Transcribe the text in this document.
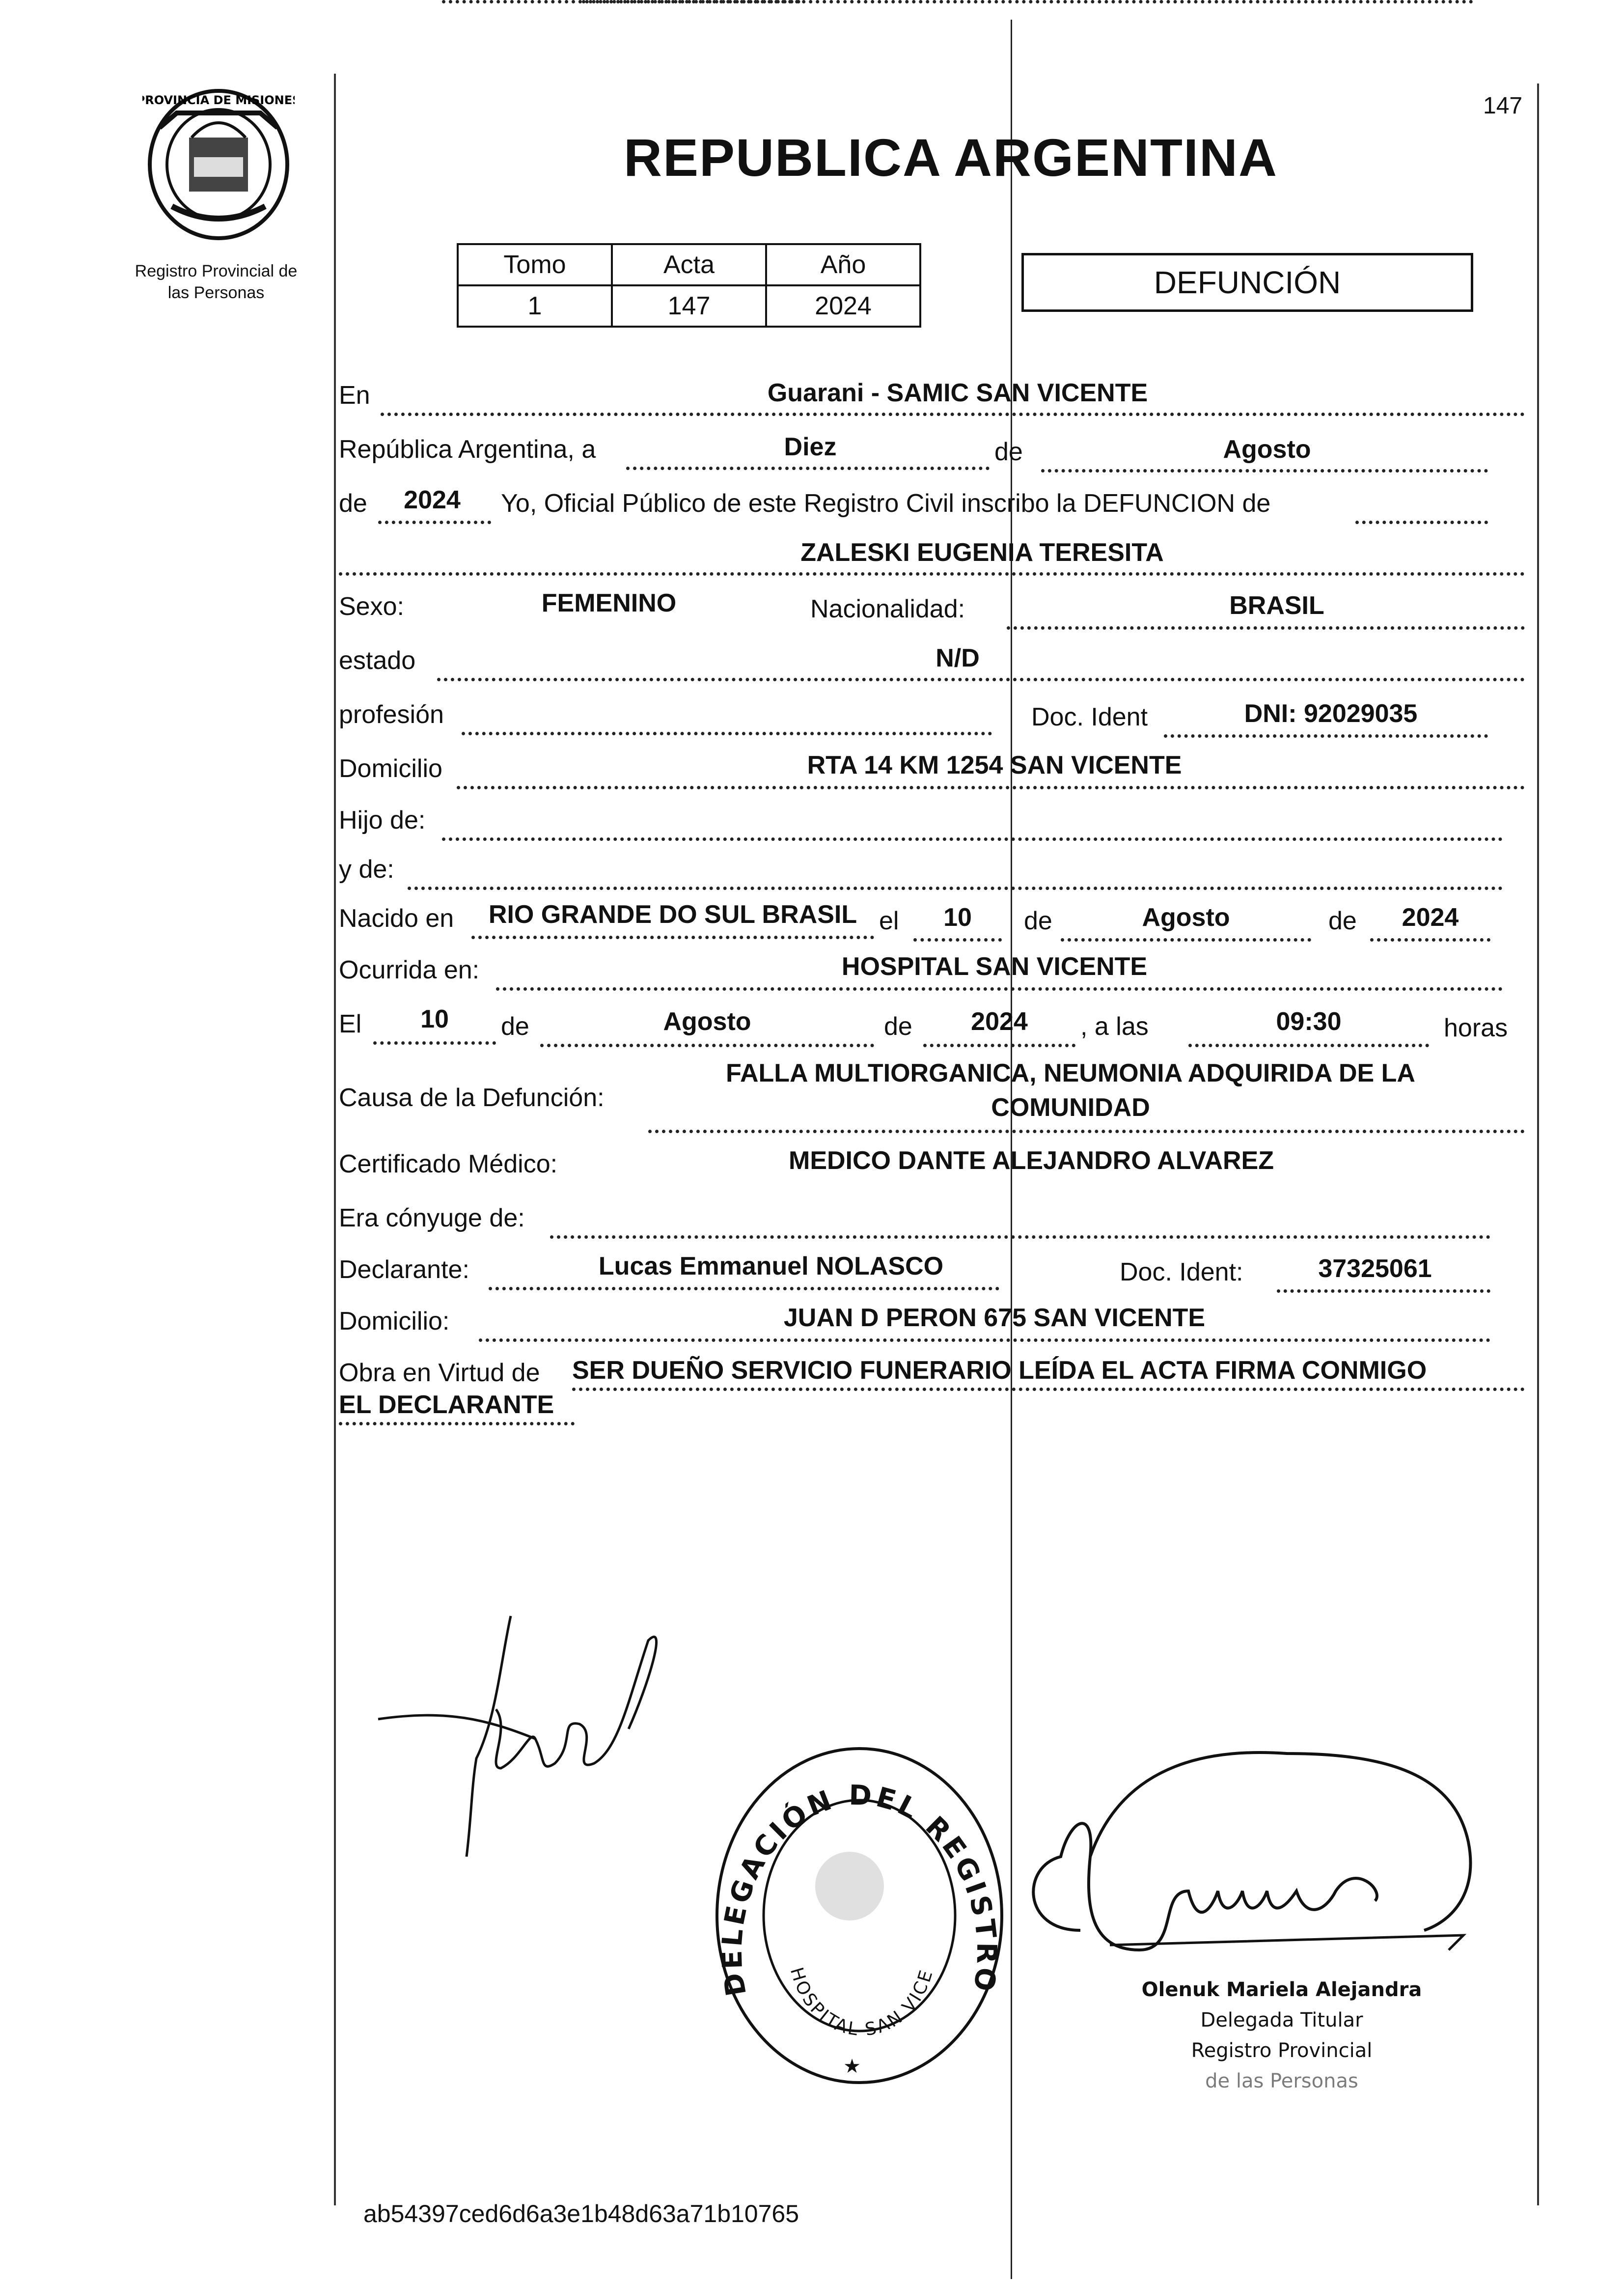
147
PROVINCIA DE MISIONES
Registro Provincial de
las Personas
REPUBLICA ARGENTINA
Tomo	Acta	Año
1	147	2024
DEFUNCIÓN
En	Guarani - SAMIC SAN VICENTE
República Argentina, a	Diez	de	Agosto
de	2024	Yo, Oficial Público de este Registro Civil inscribo la DEFUNCION de
ZALESKI EUGENIA TERESITA
Sexo:	FEMENINO	Nacionalidad:	BRASIL
estado	N/D
profesión	Doc. Ident	DNI: 92029035
Domicilio	RTA 14 KM 1254 SAN VICENTE
Hijo de:
y de:
Nacido en	RIO GRANDE DO SUL BRASIL el	10	de	Agosto	de	2024
Ocurrida en:	HOSPITAL SAN VICENTE
El	10	de	Agosto	de	2024	, a las	09:30	horas
Causa de la Defunción:
FALLA MULTIORGANICA, NEUMONIA ADQUIRIDA DE LA
COMUNIDAD
Certificado Médico:	MEDICO DANTE ALEJANDRO ALVAREZ
Era cónyuge de:
Declarante:	Lucas Emmanuel NOLASCO	Doc. Ident:	37325061
Domicilio:	JUAN D PERON 675 SAN VICENTE
Obra en Virtud de SER DUEÑO SERVICIO FUNERARIO LEÍDA EL ACTA FIRMA CONMIGO
EL DECLARANTE
DELEGACIÓN DEL REGISTRO
HOSPITAL SAN VICE
★
Olenuk Mariela Alejandra
Delegada Titular
Registro Provincial
de las Personas
ab54397ced6d6a3e1b48d63a71b10765
